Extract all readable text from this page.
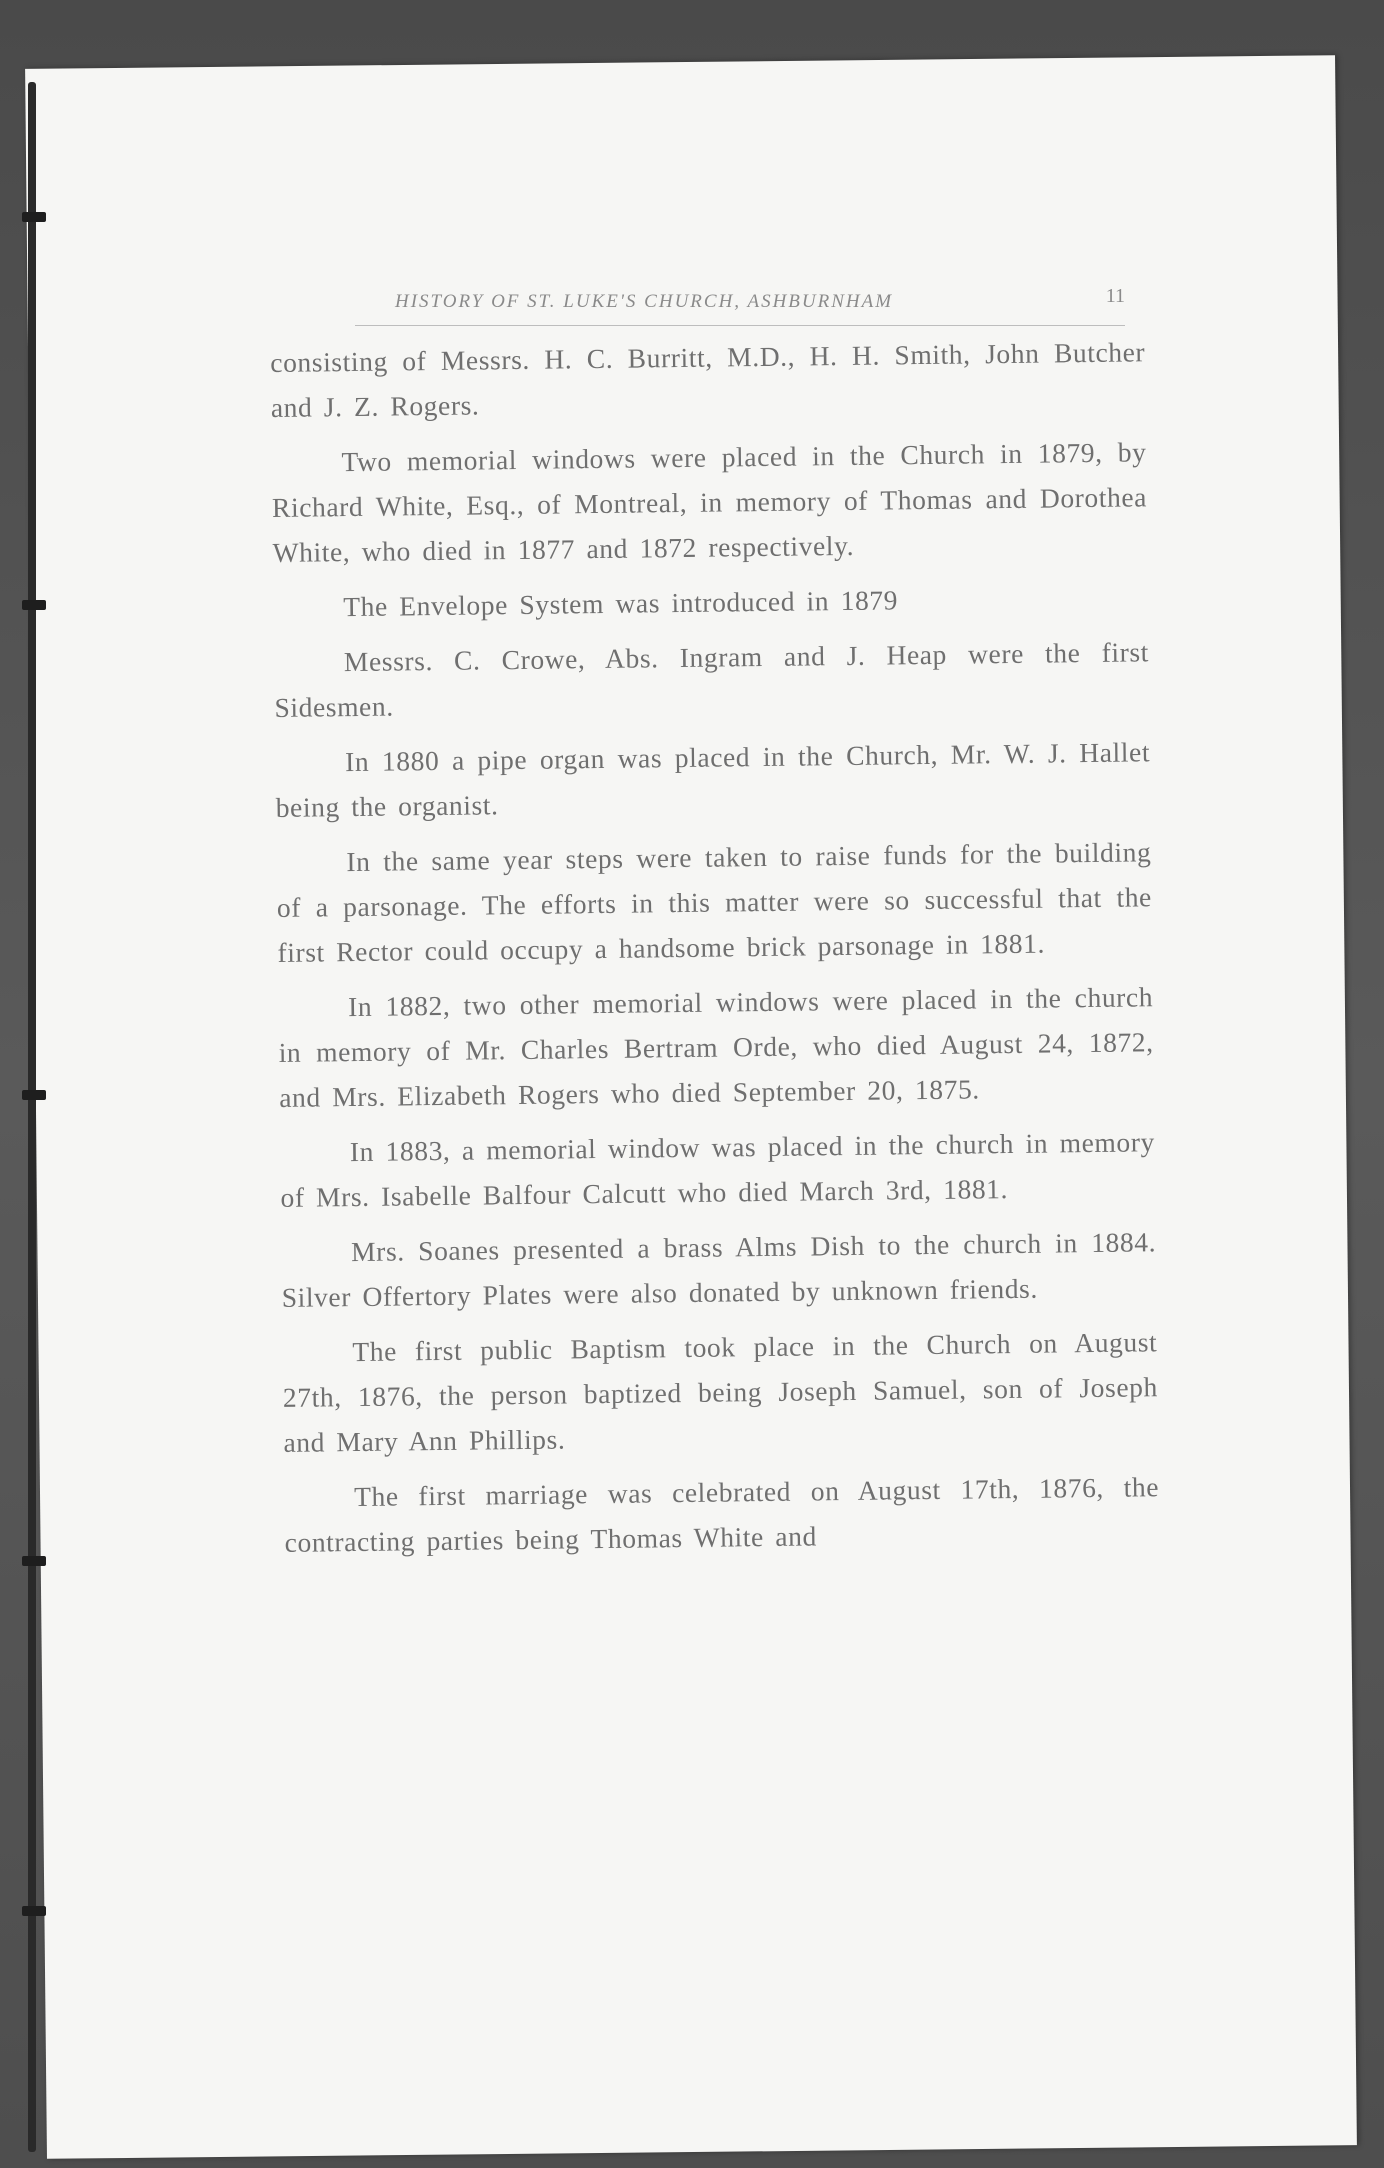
HISTORY OF ST. LUKE'S CHURCH, ASHBURNHAM	11

consisting of Messrs. H. C. Burritt, M.D., H. H. Smith, John Butcher and J. Z. Rogers.

Two memorial windows were placed in the Church in 1879, by Richard White, Esq., of Montreal, in memory of Thomas and Dorothea White, who died in 1877 and 1872 respectively.

The Envelope System was introduced in 1879

Messrs. C. Crowe, Abs. Ingram and J. Heap were the first Sidesmen.

In 1880 a pipe organ was placed in the Church, Mr. W. J. Hallet being the organist.

In the same year steps were taken to raise funds for the building of a parsonage. The efforts in this matter were so successful that the first Rector could occupy a handsome brick parsonage in 1881.

In 1882, two other memorial windows were placed in the church in memory of Mr. Charles Bertram Orde, who died August 24, 1872, and Mrs. Elizabeth Rogers who died September 20, 1875.

In 1883, a memorial window was placed in the church in memory of Mrs. Isabelle Balfour Calcutt who died March 3rd, 1881.

Mrs. Soanes presented a brass Alms Dish to the church in 1884. Silver Offertory Plates were also donated by unknown friends.

The first public Baptism took place in the Church on August 27th, 1876, the person baptized being Joseph Samuel, son of Joseph and Mary Ann Phillips.

The first marriage was celebrated on August 17th, 1876, the contracting parties being Thomas White and
